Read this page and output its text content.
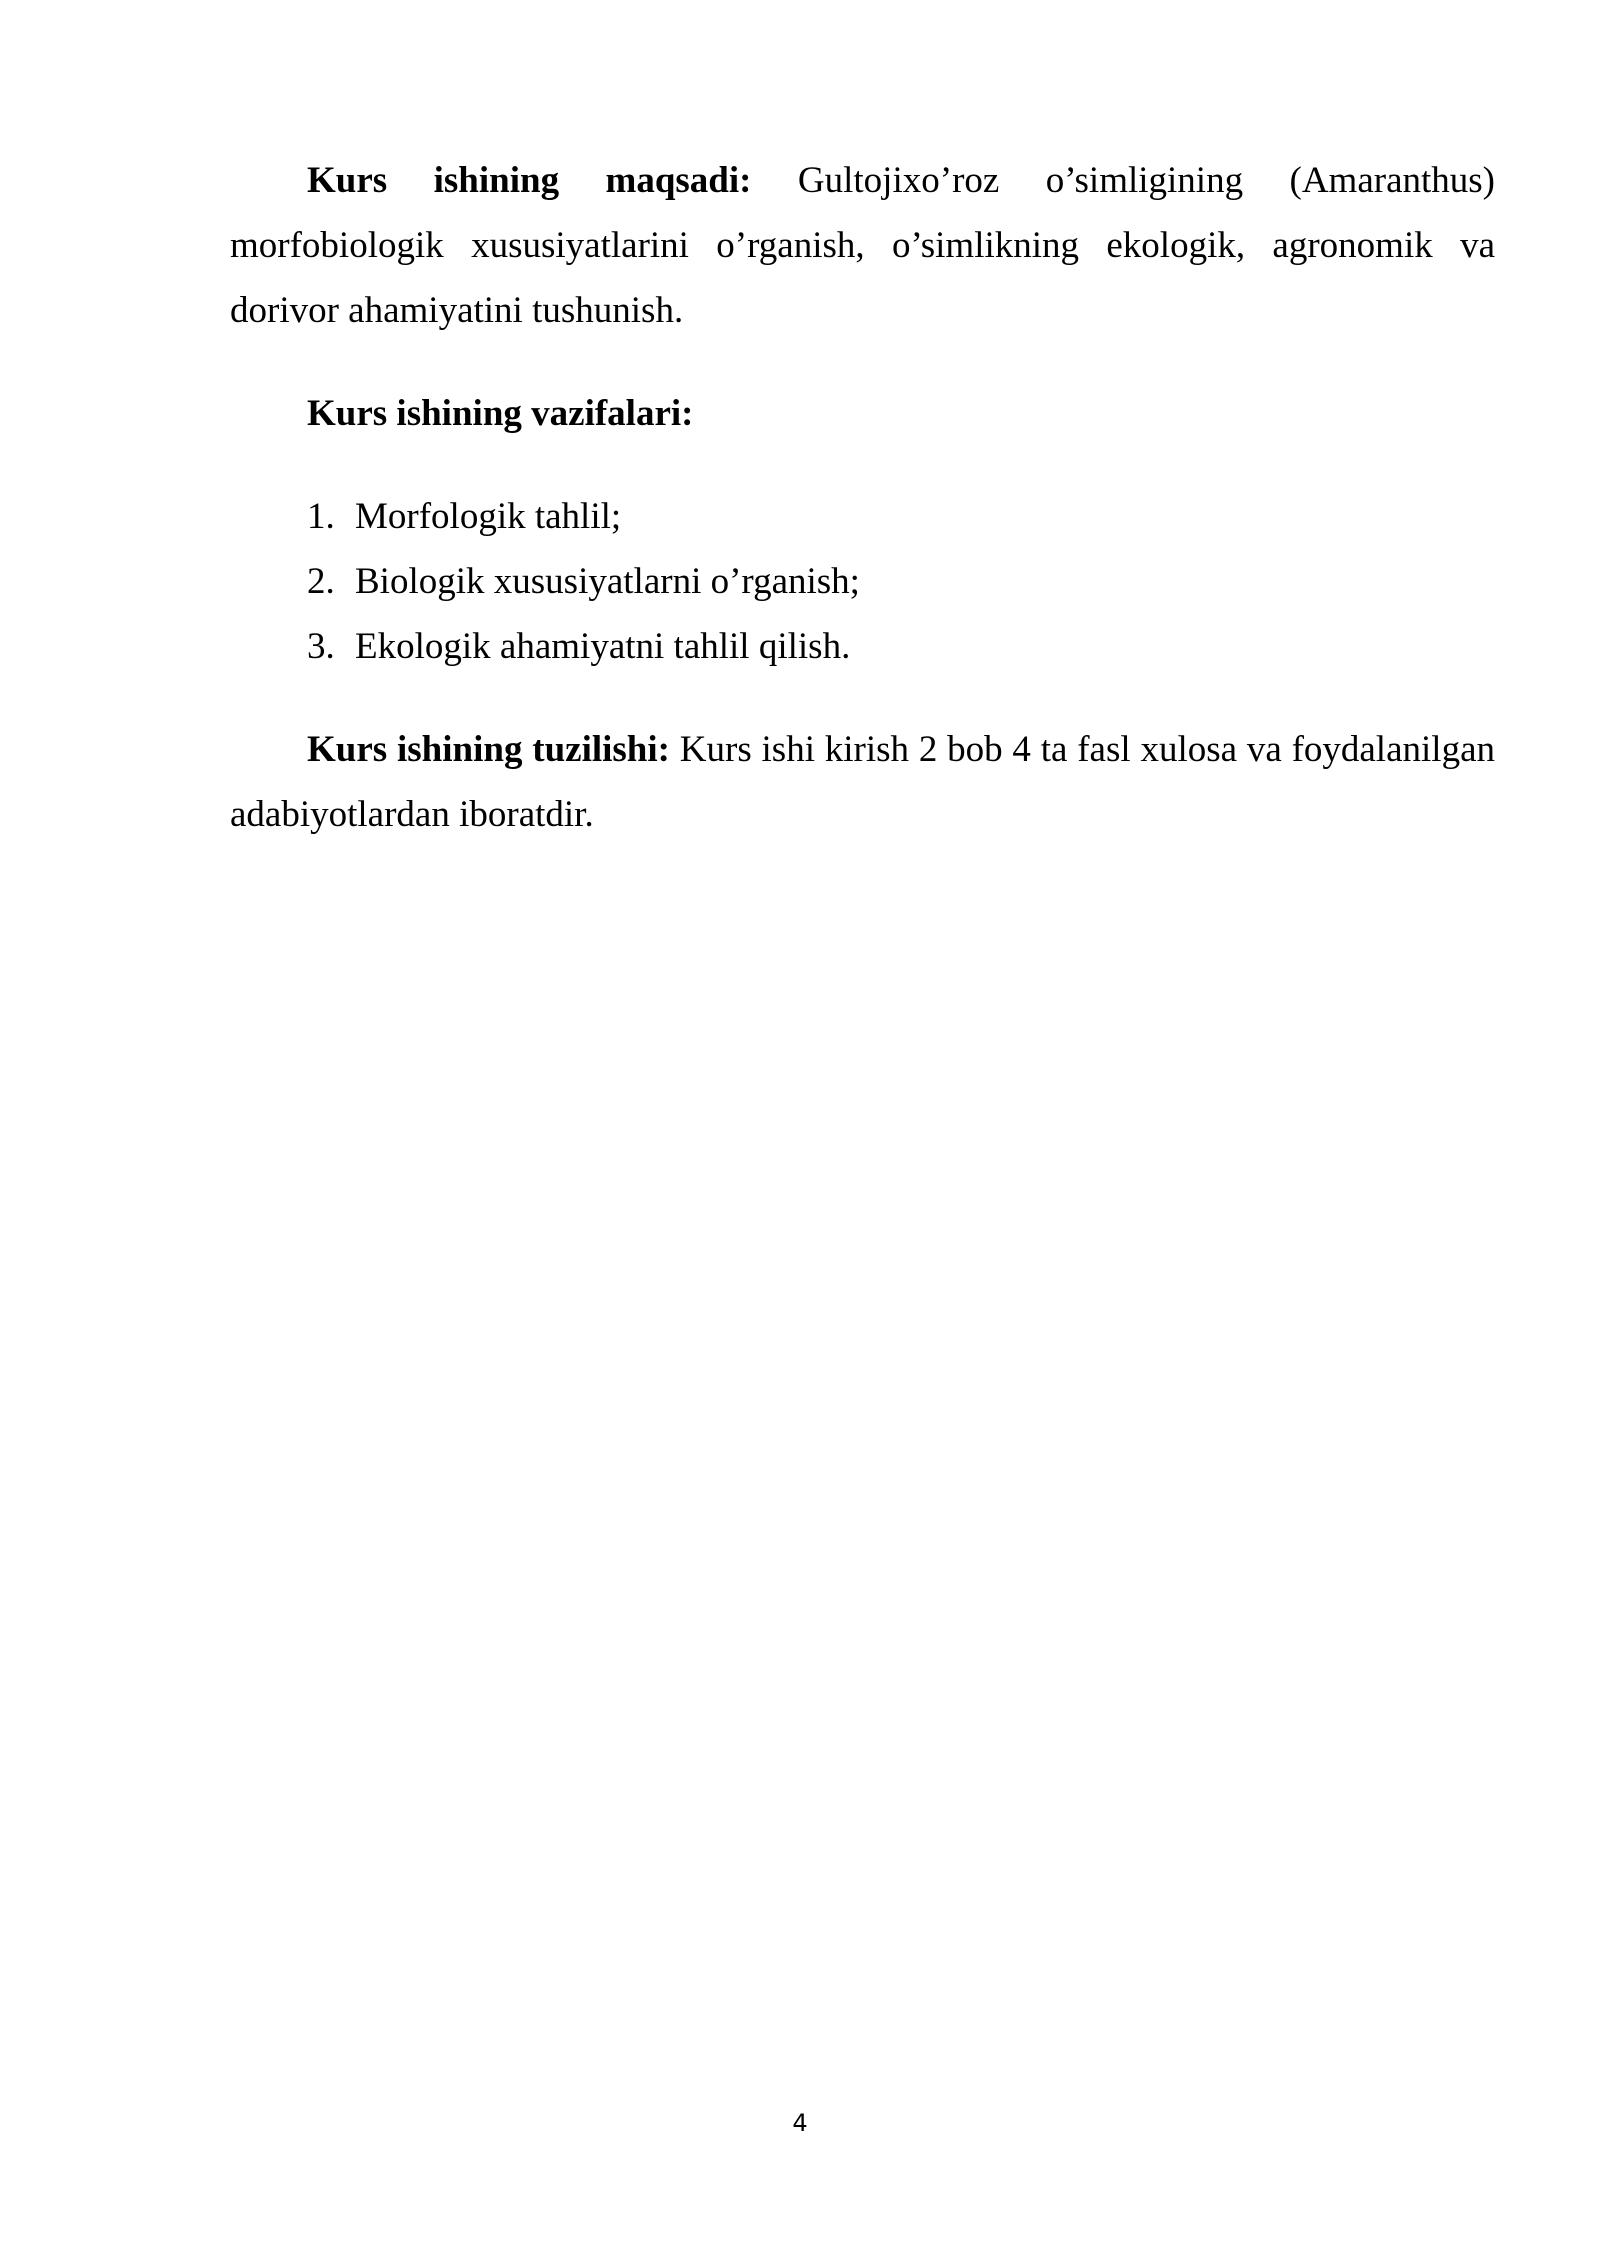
Kurs ishining maqsadi: Gultojixo’roz o’simligining (Amaranthus) morfobiologik xususiyatlarini o’rganish, o’simlikning ekologik, agronomik va dorivor ahamiyatini tushunish.

Kurs ishining vazifalari:

1. Morfologik tahlil;
2. Biologik xususiyatlarni o’rganish;
3. Ekologik ahamiyatni tahlil qilish.

Kurs ishining tuzilishi: Kurs ishi kirish 2 bob 4 ta fasl xulosa va foydalanilgan adabiyotlardan iboratdir.

4
